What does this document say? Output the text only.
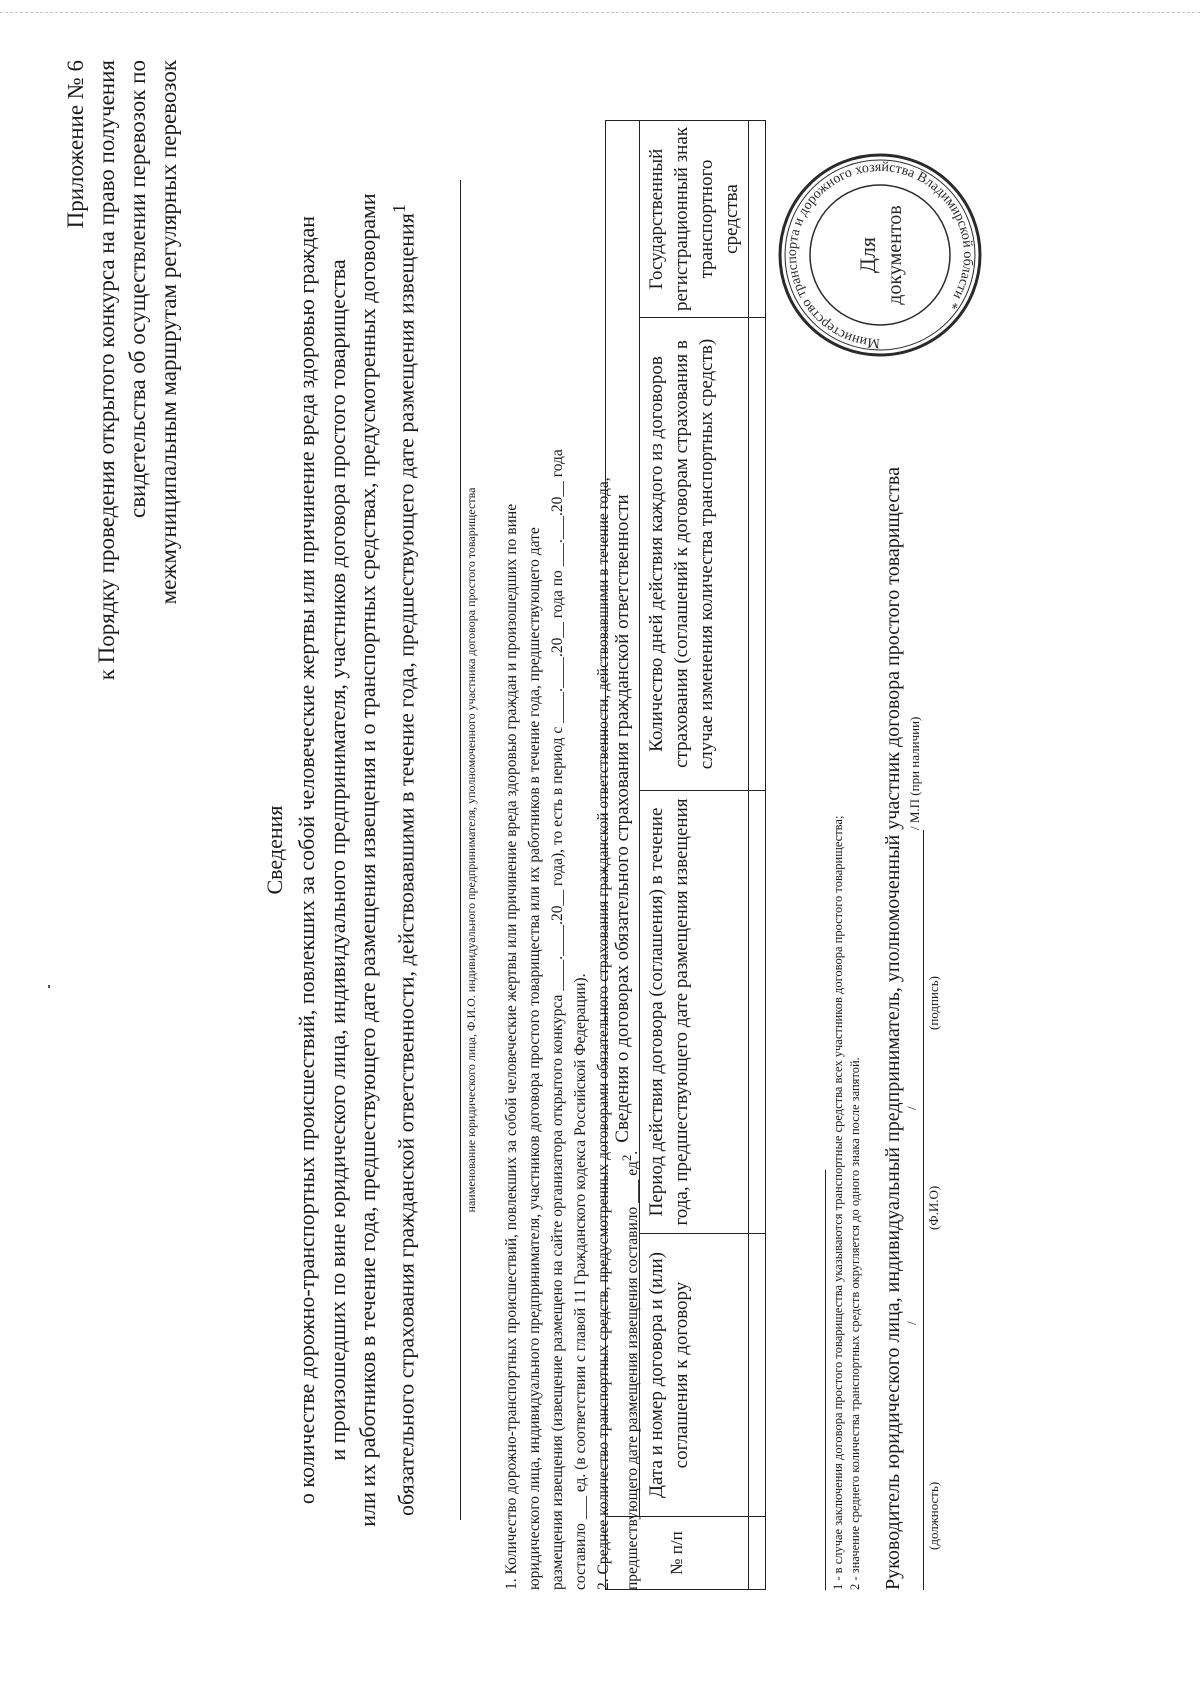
Приложение № 6 к Порядку проведения открытого конкурса на право получения свидетельства об осуществлении перевозок по межмуниципальным маршрутам регулярных перевозок
Сведения о количестве дорожно-транспортных происшествий, повлекших за собой человеческие жертвы или причинение вреда здоровью граждан и произошедших по вине юридического лица, индивидуального предпринимателя, участников договора простого товарищества или их работников в течение года, предшествующего дате размещения извещения и о транспортных средствах, предусмотренных договорами обязательного страхования гражданской ответственности, действовавшими в течение года, предшествующего дате размещения извещения$^1$
наименование юридического лица, Ф.И.О. индивидуального предпринимателя, уполномоченного участника договора простого товарищества 1. Количество дорожно-транспортных происшествий, повлекших за собой человеческие жертвы или причинение вреда здоровью граждан и произошедших по вине юридического лица, индивидуального предпринимателя, участников договора простого товарищества или их работников в течение года, предшествующего дате размещения извещения (извещение размещено на сайте организатора открытого конкурса ____.____.20__ года), то есть в период с ____.____.20__ года по ___.___.20__ года составило ___ ед. (в соответствии с главой 11 Гражданского кодекса Российской Федерации). 2. Среднее количество транспортных средств, предусмотренных договорами обязательного страхования гражданской ответственности, действовавшими в течение года, предшествующего дате размещения извещения составило ___ $ед^2$.
№ п/п	Сведения о договорах обязательного страхования гражданской ответственности			
	Дата и номер договора и (или) соглашения к договору	Период действия договора (соглашения) в течение года, предшествующего дате размещения извещения	Количество дней действия каждого из договоров страхования (соглашений к договорам страхования в случае изменения количества транспортных средств)	Государственный регистрационный знак транспортного средства

1 - в случае заключения договора простого товарищества указываются транспортные средства всех участников договора простого товарищества; 2 - значение среднего количества транспортных средств округляется до одного знака после запятой. Руководитель юридического лица, индивидуальный предприниматель, уполномоченный участник договора простого товарищества /
/
/ М.П (при наличии)
(должность)
(Ф.И.О)
(подпись)
Министерство транспорта и дорожного хозяйства Владимирской области *
Для документов
